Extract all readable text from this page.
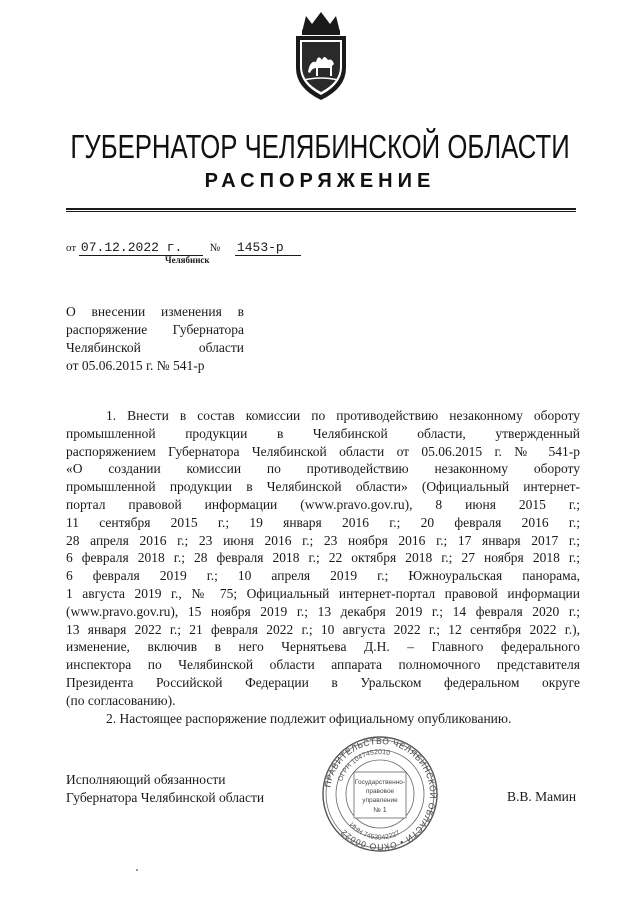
ГУБЕРНАТОР ЧЕЛЯБИНСКОЙ ОБЛАСТИ
РАСПОРЯЖЕНИЕ
от 07.12.2022 г. № 1453-р
Челябинск
О внесении изменения в
распоряжение Губернатора
Челябинской области
от 05.06.2015 г. № 541-р
1. Внести в состав комиссии по противодействию незаконному обороту
промышленной продукции в Челябинской области, утвержденный
распоряжением Губернатора Челябинской области от 05.06.2015 г. № 541-р
«О создании комиссии по противодействию незаконному обороту
промышленной продукции в Челябинской области» (Официальный интернет-
портал правовой информации (www.pravo.gov.ru), 8 июня 2015 г.;
11 сентября 2015 г.; 19 января 2016 г.; 20 февраля 2016 г.;
28 апреля 2016 г.; 23 июня 2016 г.; 23 ноября 2016 г.; 17 января 2017 г.;
6 февраля 2018 г.; 28 февраля 2018 г.; 22 октября 2018 г.; 27 ноября 2018 г.;
6 февраля 2019 г.; 10 апреля 2019 г.; Южноуральская панорама,
1 августа 2019 г., № 75; Официальный интернет-портал правовой информации
(www.pravo.gov.ru), 15 ноября 2019 г.; 13 декабря 2019 г.; 14 февраля 2020 г.;
13 января 2022 г.; 21 февраля 2022 г.; 10 августа 2022 г.; 12 сентября 2022 г.),
изменение, включив в него Чернятьева Д.Н. – Главного федерального
инспектора по Челябинской области аппарата полномочного представителя
Президента Российской Федерации в Уральском федеральном округе
(по согласованию).
2. Настоящее распоряжение подлежит официальному опубликованию.
Исполняющий обязанности
Губернатора Челябинской области
ПРАВИТЕЛЬСТВО ЧЕЛЯБИНСКОЙ ОБЛАСТИ • ОКПО 00022
ОГРН 1047452010
ИНН 7453042227
Государственно-
правовое
управление
№ 1
В.В. Мамин
